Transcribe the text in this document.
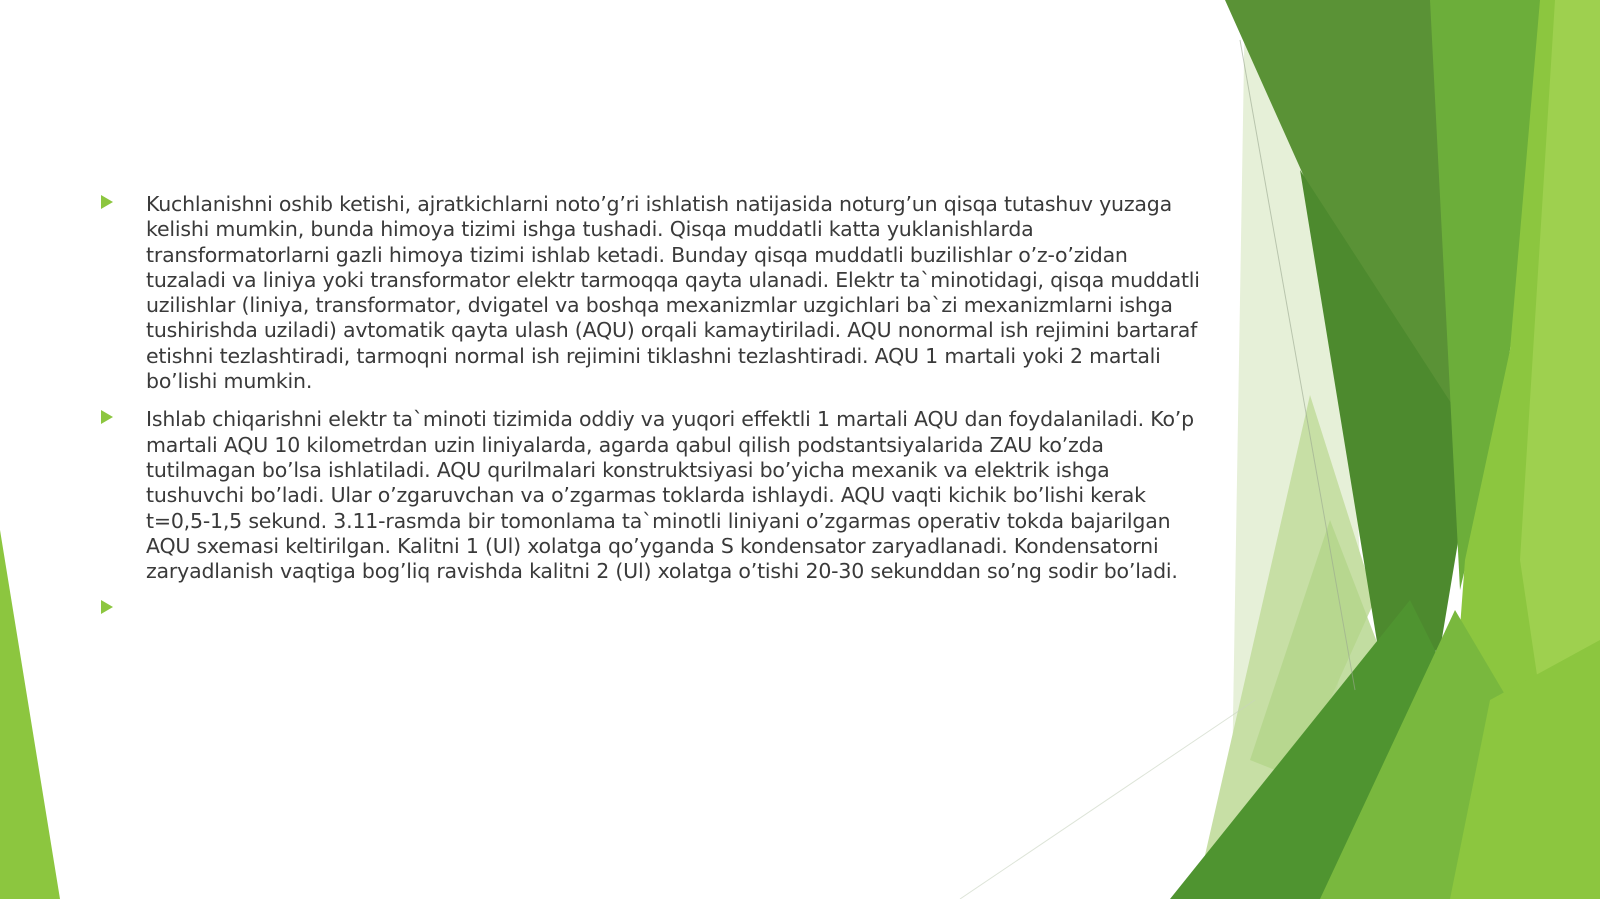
Kuchlanishni oshib ketishi, ajratkichlarni noto’g’ri ishlatish natijasida noturg’un qisqa tutashuv yuzaga kelishi mumkin, bunda himoya tizimi ishga tushadi. Qisqa muddatli katta yuklanishlarda transformatorlarni gazli himoya tizimi ishlab ketadi. Bunday qisqa muddatli buzilishlar o’z-o’zidan tuzaladi va liniya yoki transformator elektr tarmoqqa qayta ulanadi. Elektr ta`minotidagi, qisqa muddatli uzilishlar (liniya, transformator, dvigatel va boshqa mexanizmlar uzgichlari ba`zi mexanizmlarni ishga tushirishda uziladi) avtomatik qayta ulash (AQU) orqali kamaytiriladi. AQU nonormal ish rejimini bartaraf etishni tezlashtiradi, tarmoqni normal ish rejimini tiklashni tezlashtiradi. AQU 1 martali yoki 2 martali bo’lishi mumkin.
Ishlab chiqarishni elektr ta`minoti tizimida oddiy va yuqori effektli 1 martali AQU dan foydalaniladi. Ko’p martali AQU 10 kilometrdan uzin liniyalarda, agarda qabul qilish podstantsiyalarida ZAU ko’zda tutilmagan bo’lsa ishlatiladi. AQU qurilmalari konstruktsiyasi bo’yicha mexanik va elektrik ishga tushuvchi bo’ladi. Ular o’zgaruvchan va o’zgarmas toklarda ishlaydi. AQU vaqti kichik bo’lishi kerak t=0,5-1,5 sekund. 3.11-rasmda bir tomonlama ta`minotli liniyani o’zgarmas operativ tokda bajarilgan AQU sxemasi keltirilgan. Kalitni 1 (Ul) xolatga qo’yganda S kondensator zaryadlanadi. Kondensatorni zaryadlanish vaqtiga bog’liq ravishda kalitni 2 (Ul) xolatga o’tishi 20-30 sekunddan so’ng sodir bo’ladi.
